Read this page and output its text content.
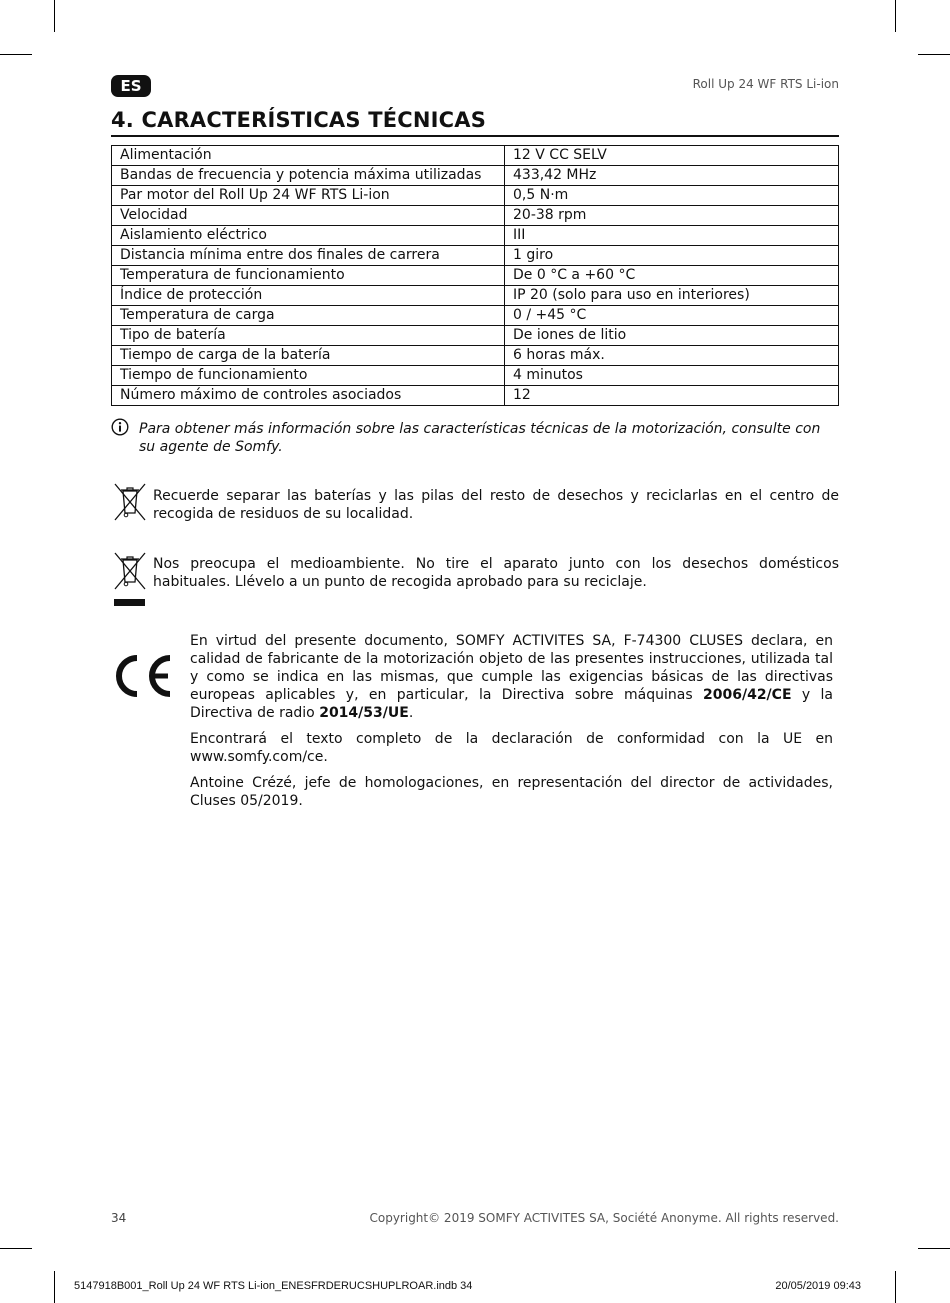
ES	Roll Up 24 WF RTS Li-ion
4. CARACTERÍSTICAS TÉCNICAS
Alimentación	12 V CC SELV
Bandas de frecuencia y potencia máxima utilizadas	433,42 MHz
Par motor del Roll Up 24 WF RTS Li-ion	0,5 N·m
Velocidad	20-38 rpm
Aislamiento eléctrico	III
Distancia mínima entre dos finales de carrera	1 giro
Temperatura de funcionamiento	De 0 °C a +60 °C
Índice de protección	IP 20 (solo para uso en interiores)
Temperatura de carga	0 / +45 °C
Tipo de batería	De iones de litio
Tiempo de carga de la batería	6 horas máx.
Tiempo de funcionamiento	4 minutos
Número máximo de controles asociados	12
Para obtener más información sobre las características técnicas de la motorización, consulte con su agente de Somfy.
Recuerde separar las baterías y las pilas del resto de desechos y reciclarlas en el centro de recogida de residuos de su localidad.
Nos preocupa el medioambiente. No tire el aparato junto con los desechos domésticos habituales. Llévelo a un punto de recogida aprobado para su reciclaje.
En virtud del presente documento, SOMFY ACTIVITES SA, F-74300 CLUSES declara, en calidad de fabricante de la motorización objeto de las presentes instrucciones, utilizada tal y como se indica en las mismas, que cumple las exigencias básicas de las directivas europeas aplicables y, en particular, la Directiva sobre máquinas 2006/42/CE y la Directiva de radio 2014/53/UE.
Encontrará el texto completo de la declaración de conformidad con la UE en www.somfy.com/ce.
Antoine Crézé, jefe de homologaciones, en representación del director de actividades, Cluses 05/2019.
34	Copyright© 2019 SOMFY ACTIVITES SA, Société Anonyme. All rights reserved.
5147918B001_Roll Up 24 WF RTS Li-ion_ENESFRDERUCSHUPLROAR.indb 34	20/05/2019 09:43
